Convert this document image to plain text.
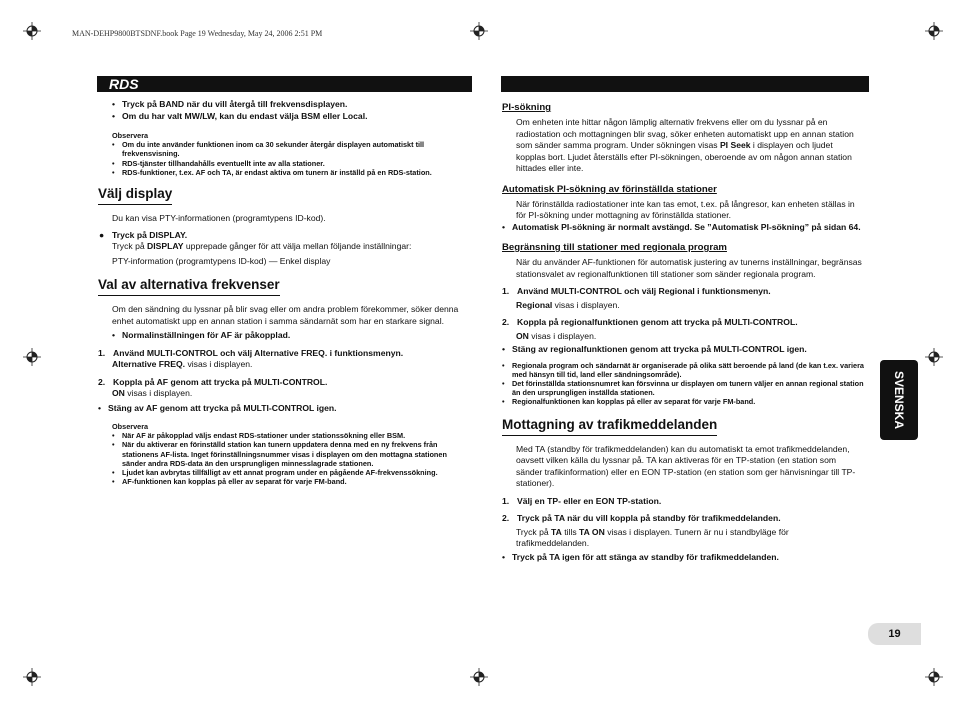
MAN-DEHP9800BTSDNF.book Page 19 Wednesday, May 24, 2006 2:51 PM
RDS
• Tryck på BAND när du vill återgå till frekvensdisplayen.
• Om du har valt MW/LW, kan du endast välja BSM eller Local.

Observera

• Om du inte använder funktionen inom ca 30 sekunder återgår displayen automatiskt till frekvensvisning.
• RDS-tjänster tillhandahålls eventuellt inte av alla stationer.
• RDS-funktioner, t.ex. AF och TA, är endast aktiva om tunern är inställd på en RDS-station.

Välj display

Du kan visa PTY-informationen (programtypens ID-kod).

● Tryck på DISPLAY.

Tryck på DISPLAY upprepade gånger för att välja mellan följande inställningar:

PTY-information (programtypens ID-kod) — Enkel display

Val av alternativa frekvenser

Om den sändning du lyssnar på blir svag eller om andra problem förekommer, söker denna enhet automatiskt upp en annan station i samma sändarnät som har en starkare signal.

• Normalinställningen för AF är påkopplad.

1. Använd MULTI-CONTROL och välj Alternative FREQ. i funktionsmenyn.

Alternative FREQ. visas i displayen.

2. Koppla på AF genom att trycka på MULTI-CONTROL.

ON visas i displayen.

• Stäng av AF genom att trycka på MULTI-CONTROL igen.

Observera

• När AF är påkopplad väljs endast RDS-stationer under stationssökning eller BSM.
• När du aktiverar en förinställd station kan tunern uppdatera denna med en ny frekvens från stationens AF-lista. Inget förinställningsnummer visas i displayen om den mottagna stationen sänder andra RDS-data än den ursprungligen minnesslagrade stationen.
• Ljudet kan avbrytas tillfälligt av ett annat program under en pågående AF-frekvenssökning.
• AF-funktionen kan kopplas på eller av separat för varje FM-band.

PI-sökning

Om enheten inte hittar någon lämplig alternativ frekvens eller om du lyssnar på en radiostation och mottagningen blir svag, söker enheten automatiskt upp en annan station som sänder samma program. Under sökningen visas PI Seek i displayen och ljudet kopplas bort. Ljudet återställs efter PI-sökningen, oberoende av om någon annan station hittades eller inte.

Automatisk PI-sökning av förinställda stationer

När förinställda radiostationer inte kan tas emot, t.ex. på långresor, kan enheten ställas in för PI-sökning under mottagning av förinställda stationer.

• Automatisk PI-sökning är normalt avstängd. Se ”Automatisk PI-sökning” på sidan 64.

Begränsning till stationer med regionala program

När du använder AF-funktionen för automatisk justering av tunerns inställningar, begränsas stationsvalet av regionalfunktionen till stationer som sänder regionala program.

1. Använd MULTI-CONTROL och välj Regional i funktionsmenyn.

Regional visas i displayen.

2. Koppla på regionalfunktionen genom att trycka på MULTI-CONTROL.

ON visas i displayen.

• Stäng av regionalfunktionen genom att trycka på MULTI-CONTROL igen.
• Regionala program och sändarnät är organiserade på olika sätt beroende på land (de kan t.ex. variera med hänsyn till tid, land eller sändningsområde).
• Det förinställda stationsnumret kan försvinna ur displayen om tunern väljer en annan regional station än den ursprungligen inställda stationen.
• Regionalfunktionen kan kopplas på eller av separat för varje FM-band.

Mottagning av trafikmeddelanden

Med TA (standby för trafikmeddelanden) kan du automatiskt ta emot trafikmeddelanden, oavsett vilken källa du lyssnar på. TA kan aktiveras för en TP-station (en station som sänder trafikinformation) eller en EON TP-station (en station som ger hänvisningar till TP-stationer).

1. Välj en TP- eller en EON TP-station.

2. Tryck på TA när du vill koppla på standby för trafikmeddelanden.

Tryck på TA tills TA ON visas i displayen. Tunern är nu i standbyläge för trafikmeddelanden.

• Tryck på TA igen för att stänga av standby för trafikmeddelanden.
SVENSKA
19
